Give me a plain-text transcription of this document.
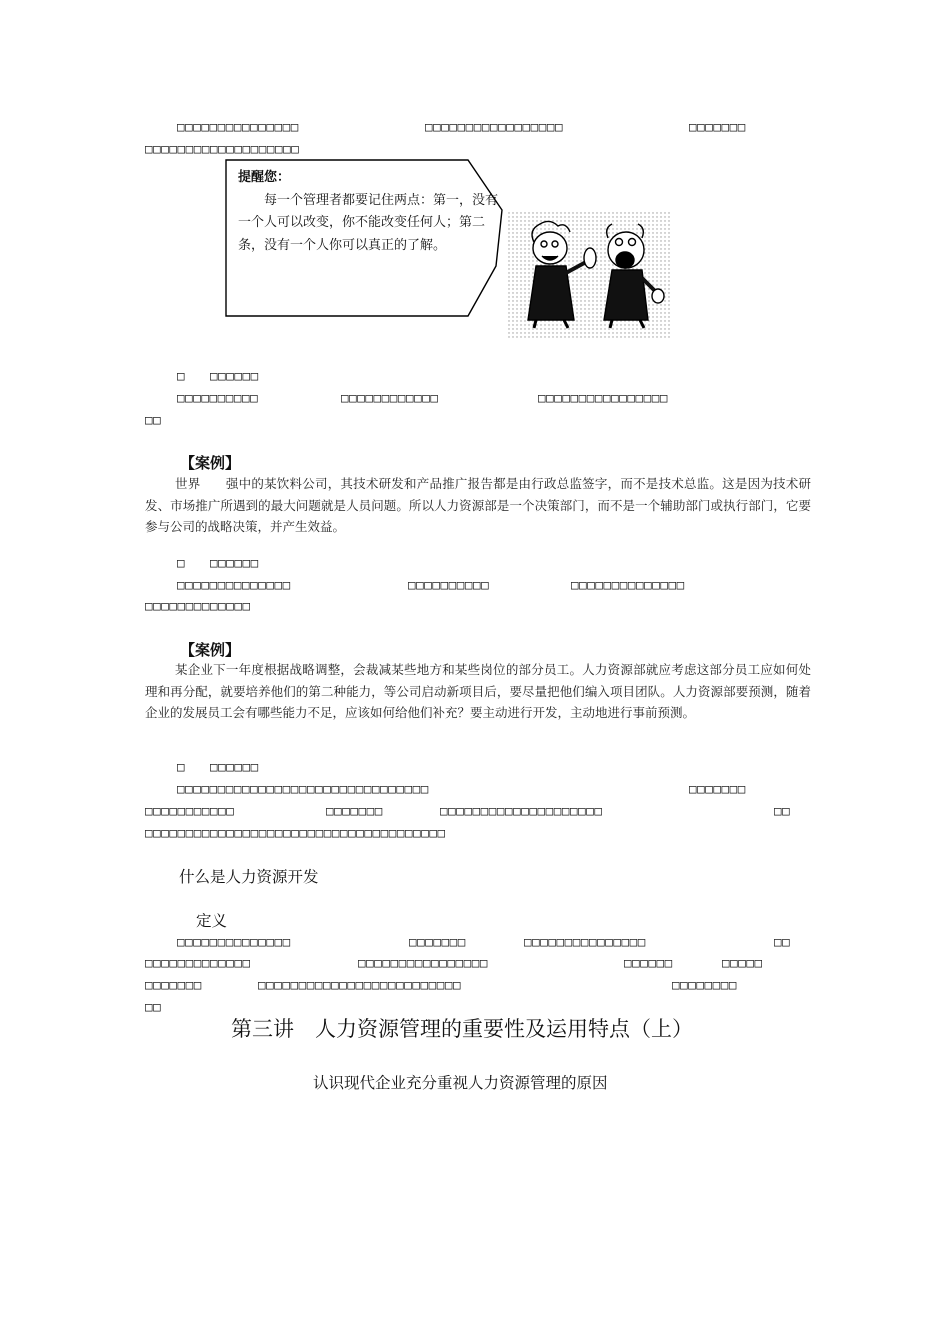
□□□□□□□□□□□□□□□	□□□□□□□□□□□□□□□□□	□□□□□□□
□□□□□□□□□□□□□□□□□□□
提醒您：
每一个管理者都要记住两点：第一，没有一个人可以改变，你不能改变任何人；第二条，没有一个人你可以真正的了解。
□ □□□□□□
□□□□□□□□□□	□□□□□□□□□□□□	□□□□□□□□□□□□□□□□
□□
【案例】

世界　　强中的某饮料公司，其技术研发和产品推广报告都是由行政总监签字，而不是技术总监。这是因为技术研发、市场推广所遇到的最大问题就是人员问题。所以人力资源部是一个决策部门，而不是一个辅助部门或执行部门，它要参与公司的战略决策，并产生效益。

□ □□□□□□
□□□□□□□□□□□□□□	□□□□□□□□□□	□□□□□□□□□□□□□□
□□□□□□□□□□□□□
【案例】

某企业下一年度根据战略调整，会裁减某些地方和某些岗位的部分员工。人力资源部就应考虑这部分员工应如何处理和再分配，就要培养他们的第二种能力，等公司启动新项目后，要尽量把他们编入项目团队。人力资源部要预测，随着企业的发展员工会有哪些能力不足，应该如何给他们补充？要主动进行开发，主动地进行事前预测。

□ □□□□□□
□□□□□□□□□□□□□□□□□□□□□□□□□□□□□□□	□□□□□□□
□□□□□□□□□□□	□□□□□□□	□□□□□□□□□□□□□□□□□□□□	□□
□□□□□□□□□□□□□□□□□□□□□□□□□□□□□□□□□□□□□
什么是人力资源开发
定义
□□□□□□□□□□□□□□	□□□□□□□	□□□□□□□□□□□□□□□	□□
□□□□□□□□□□□□□	□□□□□□□□□□□□□□□□	□□□□□□	□□□□□
□□□□□□□	□□□□□□□□□□□□□□□□□□□□□□□□□	□□□□□□□□
□□
第三讲　人力资源管理的重要性及运用特点（上）
认识现代企业充分重视人力资源管理的原因
